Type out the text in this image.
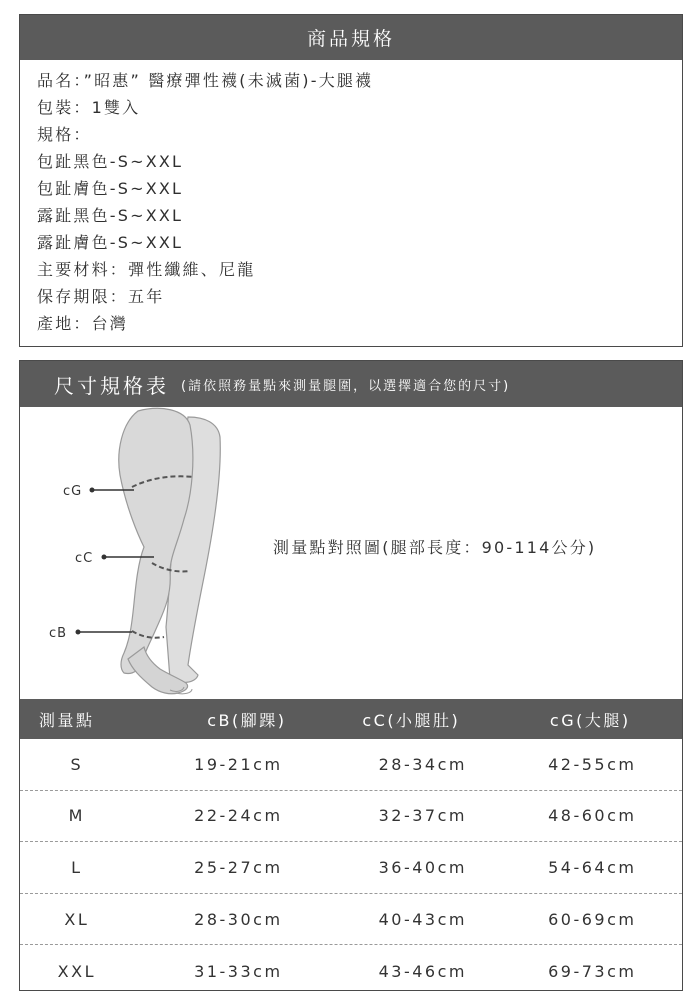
商品規格
品名：”昭惠” 醫療彈性襪(未滅菌)-大腿襪
包裝：1雙入
規格：
包趾黑色-S~XXL
包趾膚色-S~XXL
露趾黑色-S~XXL
露趾膚色-S~XXL
主要材料：彈性纖維、尼龍
保存期限：五年
產地：台灣
尺寸規格表 (請依照務量點來測量腿圍，以選擇適合您的尺寸)
cG
cC
cB
測量點對照圖(腿部長度：90-114公分)
測量點	cB(腳踝)	cC(小腿肚)	cG(大腿)
S	19-21cm	28-34cm	42-55cm
M	22-24cm	32-37cm	48-60cm
L	25-27cm	36-40cm	54-64cm
XL	28-30cm	40-43cm	60-69cm
XXL	31-33cm	43-46cm	69-73cm
